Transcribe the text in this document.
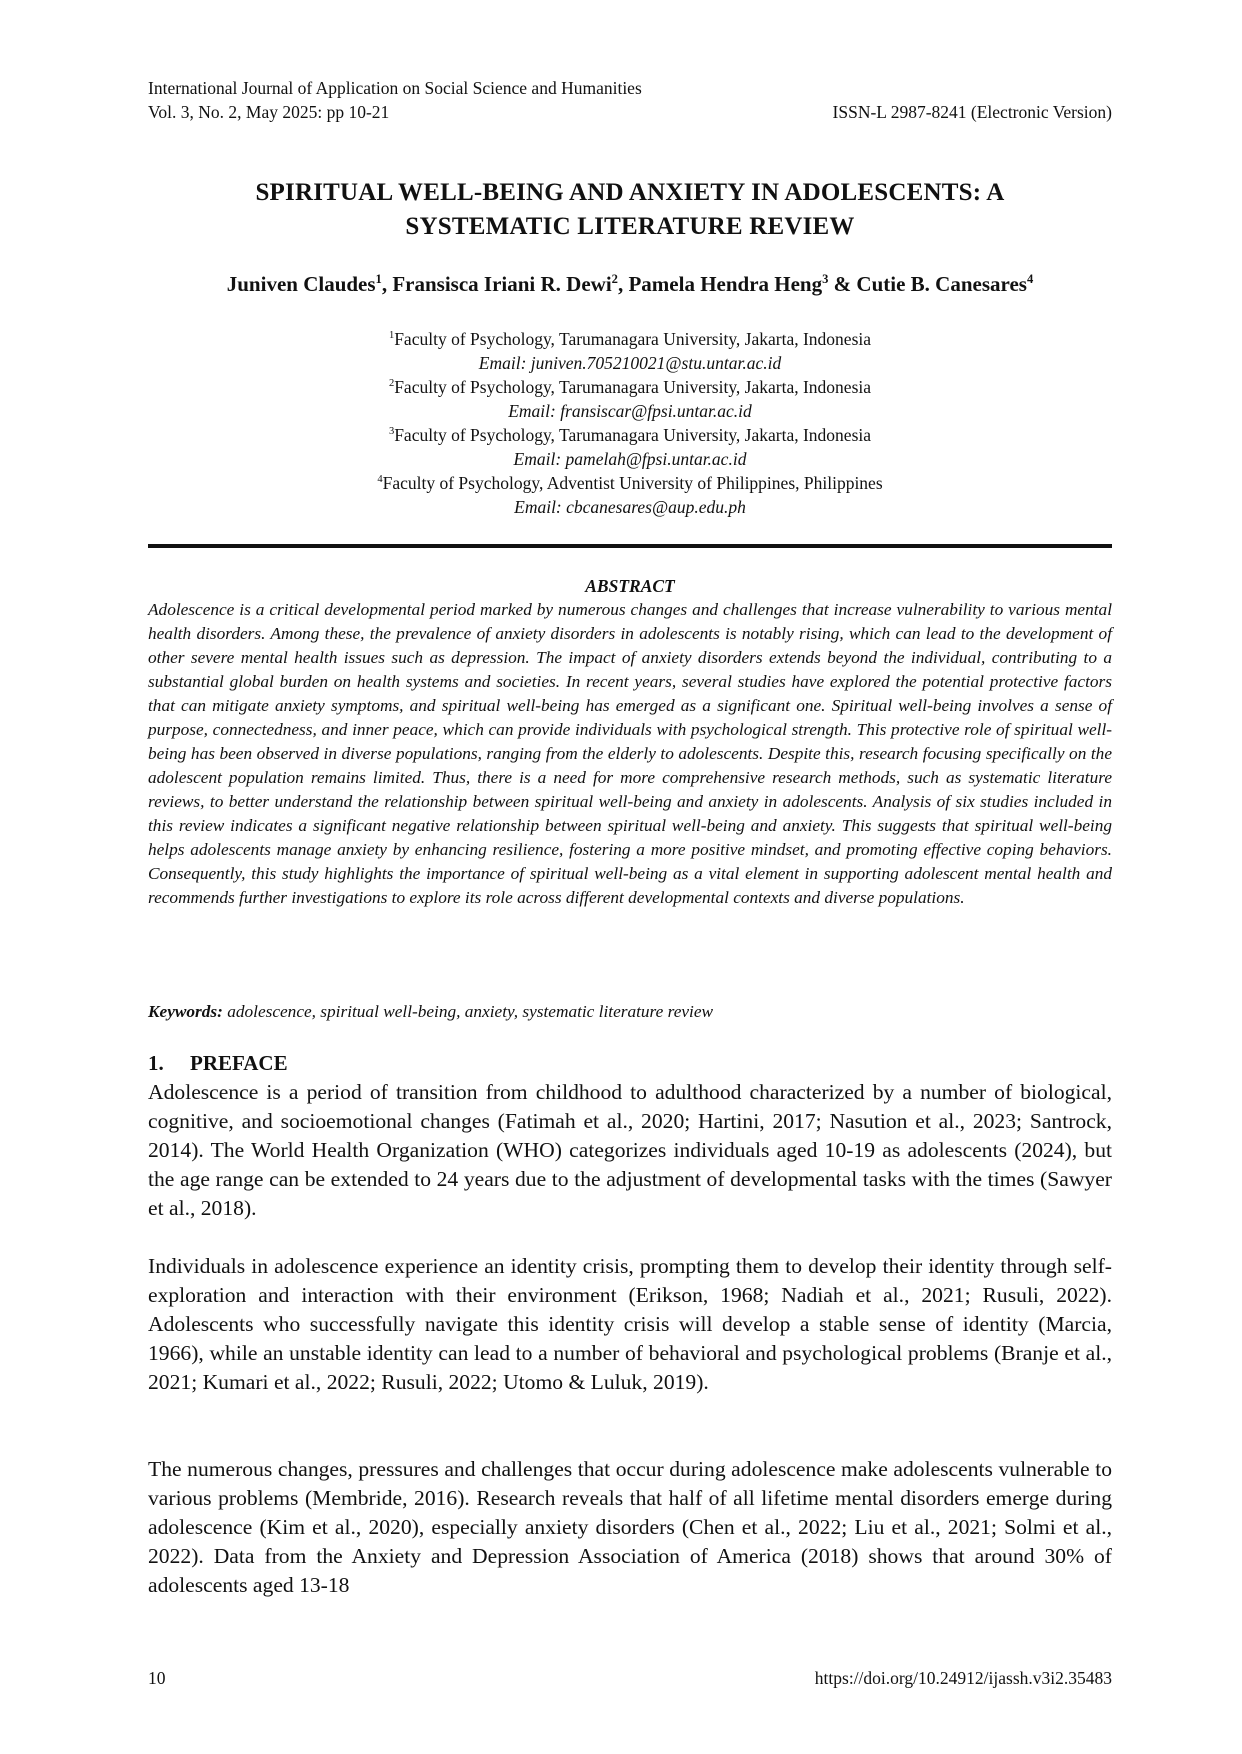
International Journal of Application on Social Science and Humanities
Vol. 3, No. 2, May 2025: pp 10-21	ISSN-L 2987-8241 (Electronic Version)
SPIRITUAL WELL-BEING AND ANXIETY IN ADOLESCENTS: A
SYSTEMATIC LITERATURE REVIEW
Juniven Claudes$^1$, Fransisca Iriani R. Dewi$^2$, Pamela Hendra Heng$^3$ & Cutie B. Canesares$^4$
$^1$Faculty of Psychology, Tarumanagara University, Jakarta, Indonesia
Email: juniven.705210021@stu.untar.ac.id
$^2$Faculty of Psychology, Tarumanagara University, Jakarta, Indonesia
Email: fransiscar@fpsi.untar.ac.id
$^3$Faculty of Psychology, Tarumanagara University, Jakarta, Indonesia
Email: pamelah@fpsi.untar.ac.id
$^4$Faculty of Psychology, Adventist University of Philippines, Philippines
Email: cbcanesares@aup.edu.ph
ABSTRACT
Adolescence is a critical developmental period marked by numerous changes and challenges that increase vulnerability to various mental health disorders. Among these, the prevalence of anxiety disorders in adolescents is notably rising, which can lead to the development of other severe mental health issues such as depression. The impact of anxiety disorders extends beyond the individual, contributing to a substantial global burden on health systems and societies. In recent years, several studies have explored the potential protective factors that can mitigate anxiety symptoms, and spiritual well-being has emerged as a significant one. Spiritual well-being involves a sense of purpose, connectedness, and inner peace, which can provide individuals with psychological strength. This protective role of spiritual well-being has been observed in diverse populations, ranging from the elderly to adolescents. Despite this, research focusing specifically on the adolescent population remains limited. Thus, there is a need for more comprehensive research methods, such as systematic literature reviews, to better understand the relationship between spiritual well-being and anxiety in adolescents. Analysis of six studies included in this review indicates a significant negative relationship between spiritual well-being and anxiety. This suggests that spiritual well-being helps adolescents manage anxiety by enhancing resilience, fostering a more positive mindset, and promoting effective coping behaviors. Consequently, this study highlights the importance of spiritual well-being as a vital element in supporting adolescent mental health and recommends further investigations to explore its role across different developmental contexts and diverse populations.
Keywords: adolescence, spiritual well-being, anxiety, systematic literature review
1. PREFACE
Adolescence is a period of transition from childhood to adulthood characterized by a number of biological, cognitive, and socioemotional changes (Fatimah et al., 2020; Hartini, 2017; Nasution et al., 2023; Santrock, 2014). The World Health Organization (WHO) categorizes individuals aged 10-19 as adolescents (2024), but the age range can be extended to 24 years due to the adjustment of developmental tasks with the times (Sawyer et al., 2018).
Individuals in adolescence experience an identity crisis, prompting them to develop their identity through self-exploration and interaction with their environment (Erikson, 1968; Nadiah et al., 2021; Rusuli, 2022). Adolescents who successfully navigate this identity crisis will develop a stable sense of identity (Marcia, 1966), while an unstable identity can lead to a number of behavioral and psychological problems (Branje et al., 2021; Kumari et al., 2022; Rusuli, 2022; Utomo & Luluk, 2019).
The numerous changes, pressures and challenges that occur during adolescence make adolescents vulnerable to various problems (Membride, 2016). Research reveals that half of all lifetime mental disorders emerge during adolescence (Kim et al., 2020), especially anxiety disorders (Chen et al., 2022; Liu et al., 2021; Solmi et al., 2022). Data from the Anxiety and Depression Association of America (2018) shows that around 30% of adolescents aged 13-18
10	https://doi.org/10.24912/ijassh.v3i2.35483
